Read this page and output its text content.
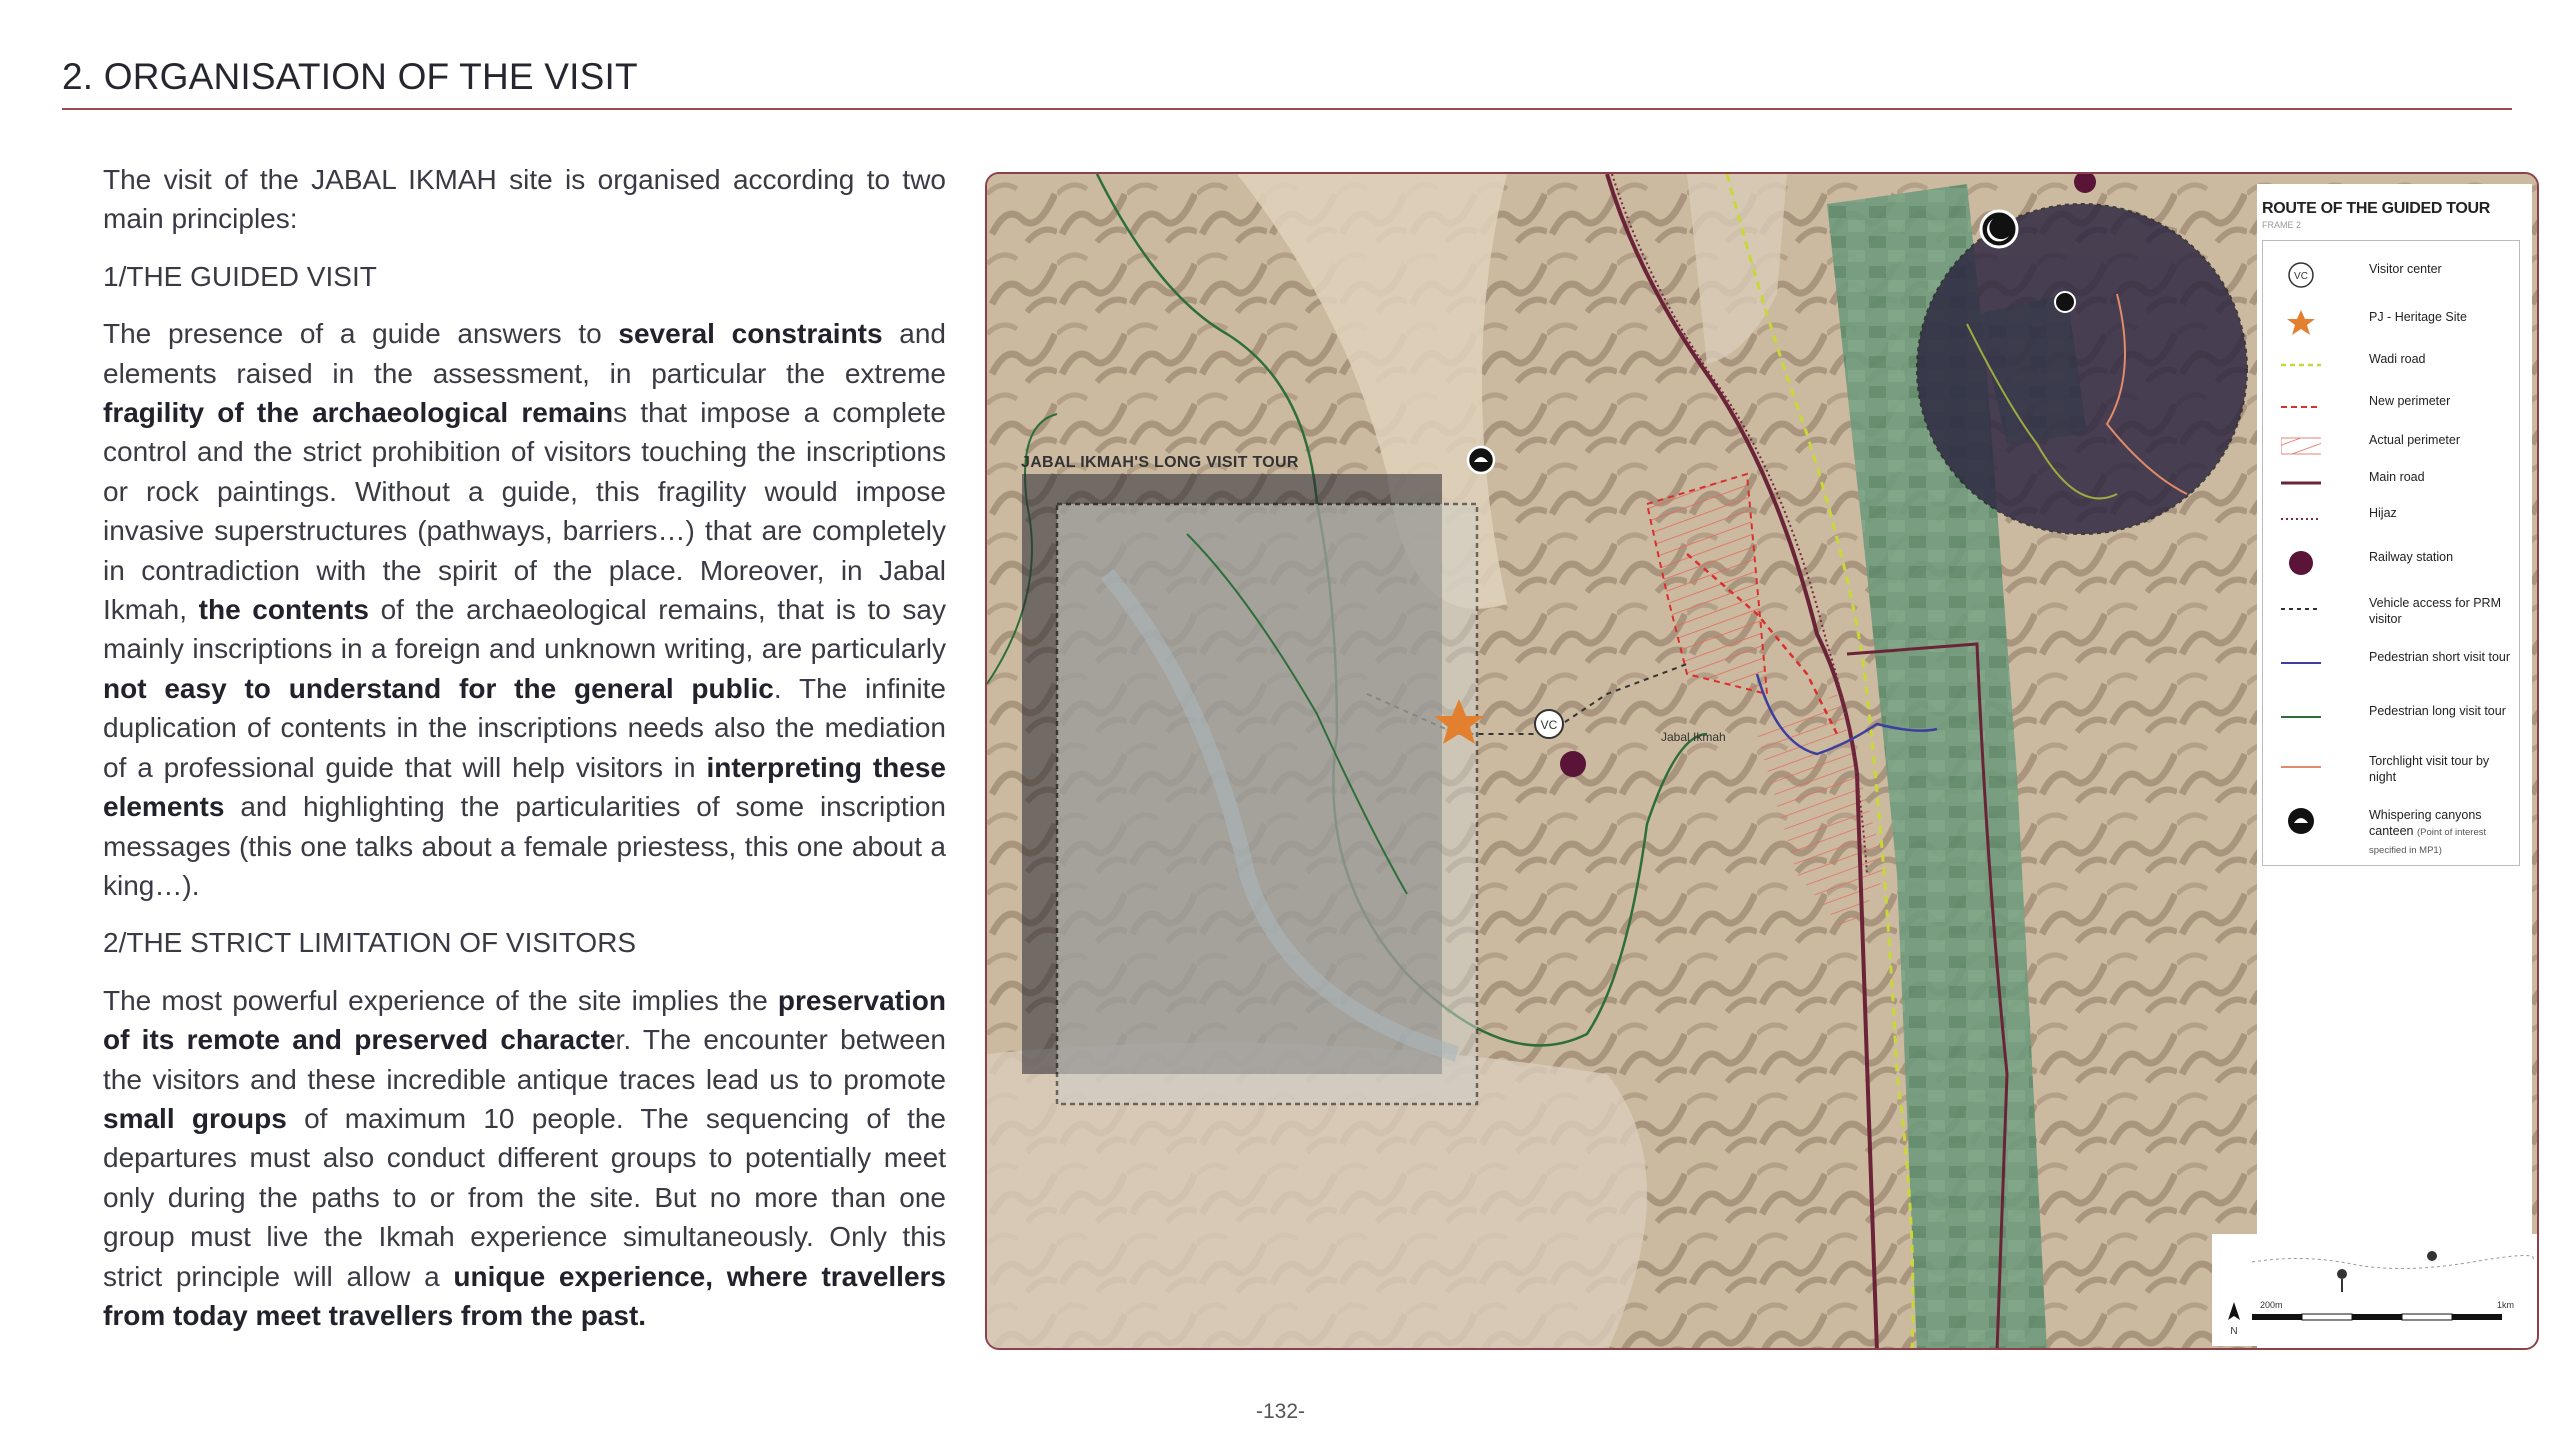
2. ORGANISATION OF THE VISIT

The visit of the JABAL IKMAH site is organised according to two main principles:

1/THE GUIDED VISIT

The presence of a guide answers to several constraints and elements raised in the assessment, in particular the extreme fragility of the archaeological remains that impose a complete control and the strict prohibition of visitors touching the inscriptions or rock paintings. Without a guide, this fragility would impose invasive superstructures (pathways, barriers…) that are completely in contradiction with the spirit of the place. Moreover, in Jabal Ikmah, the contents of the archaeological remains, that is to say mainly inscriptions in a foreign and unknown writing, are particularly not easy to understand for the general public. The infinite duplication of contents in the inscriptions needs also the mediation of a professional guide that will help visitors in interpreting these elements and highlighting the particularities of some inscription messages (this one talks about a female priestess, this one about a king…).

2/THE STRICT LIMITATION OF VISITORS

The most powerful experience of the site implies the preservation of its remote and preserved character. The encounter between the visitors and these incredible antique traces lead us to promote small groups of maximum 10 people. The sequencing of the departures must also conduct different groups to potentially meet only during the paths to or from the site. But no more than one group must live the Ikmah experience simultaneously. Only this strict principle will allow a unique experience, where travellers from today meet travellers from the past.

VC
JABAL IKMAH'S LONG VISIT TOUR
Jabal Ikmah
ROUTE OF THE GUIDED TOUR
FRAME 2
VC
Visitor center
PJ - Heritage Site
Wadi road
New perimeter
Actual perimeter
Main road
Hijaz
Railway station
Vehicle access for PRM visitor
Pedestrian short visit tour
Pedestrian long visit tour
Torchlight visit tour by night
Whispering canyons canteen (Point of interest specified in MP1)
200m	1km
N
-132-
